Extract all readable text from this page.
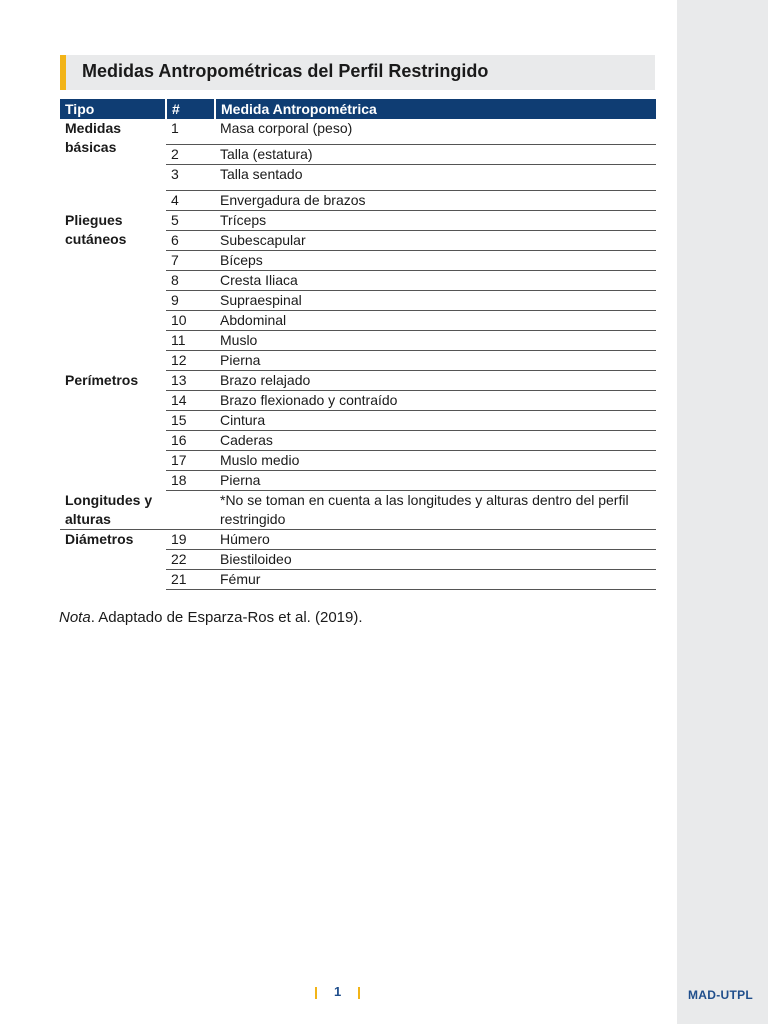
MAD-UTPL
Medidas Antropométricas del Perfil Restringido
Tipo	#	Medida Antropométrica
Medidas
básicas	1	Masa corporal (peso)
	2	Talla (estatura)
	3	Talla sentado
	4	Envergadura de brazos
Pliegues
cutáneos	5	Tríceps
	6	Subescapular
	7	Bíceps
	8	Cresta Iliaca
	9	Supraespinal
	10	Abdominal
	11	Muslo
	12	Pierna
Perímetros	13	Brazo relajado
	14	Brazo flexionado y contraído
	15	Cintura
	16	Caderas
	17	Muslo medio
	18	Pierna
Longitudes y
alturas		*No se toman en cuenta a las longitudes y alturas dentro del perfil
restringido
Diámetros	19	Húmero
	22	Biestiloideo
	21	Fémur
Nota. Adaptado de Esparza-Ros et al. (2019).
1
